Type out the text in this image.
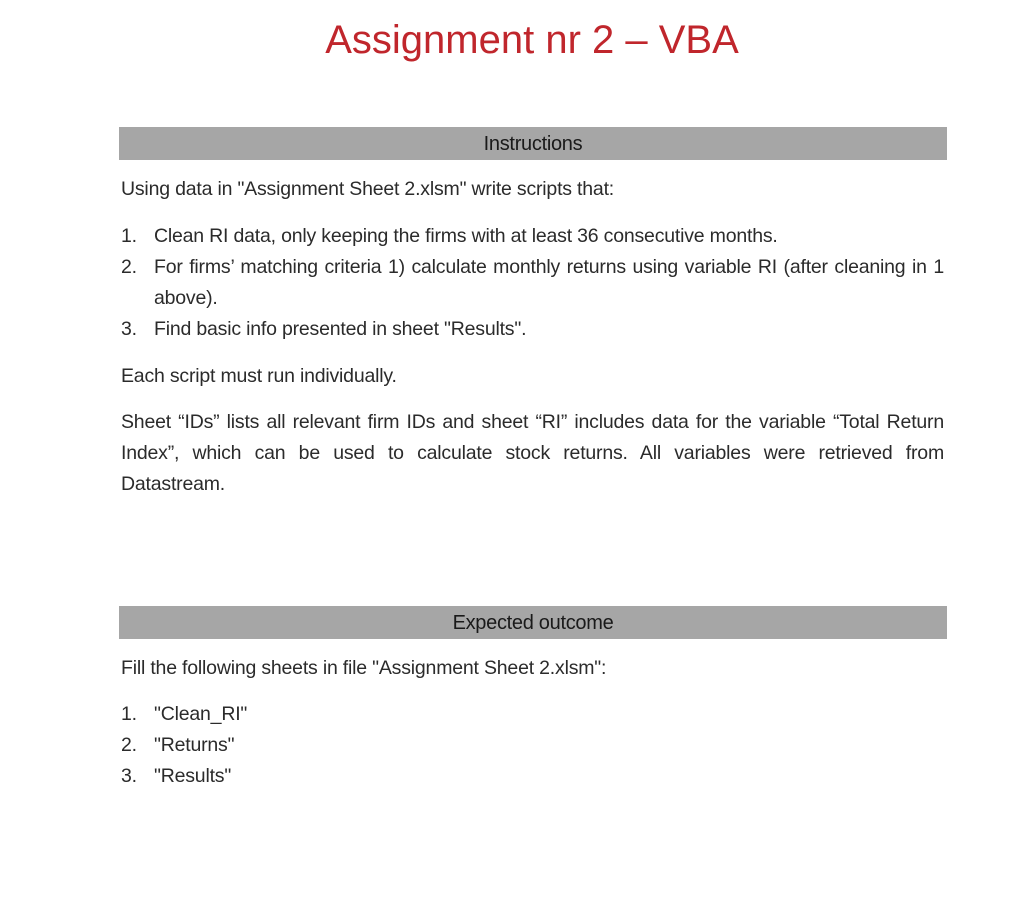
Assignment nr 2 – VBA
Instructions

Using data in "Assignment Sheet 2.xlsm" write scripts that:

1. Clean RI data, only keeping the firms with at least 36 consecutive months.
2. For firms’ matching criteria 1) calculate monthly returns using variable RI (after cleaning in 1 above).
3. Find basic info presented in sheet "Results".

Each script must run individually.

Sheet “IDs” lists all relevant firm IDs and sheet “RI” includes data for the variable “Total Return Index”, which can be used to calculate stock returns. All variables were retrieved from Datastream.

Expected outcome

Fill the following sheets in file "Assignment Sheet 2.xlsm":

1. "Clean_RI"
2. "Returns"
3. "Results"
